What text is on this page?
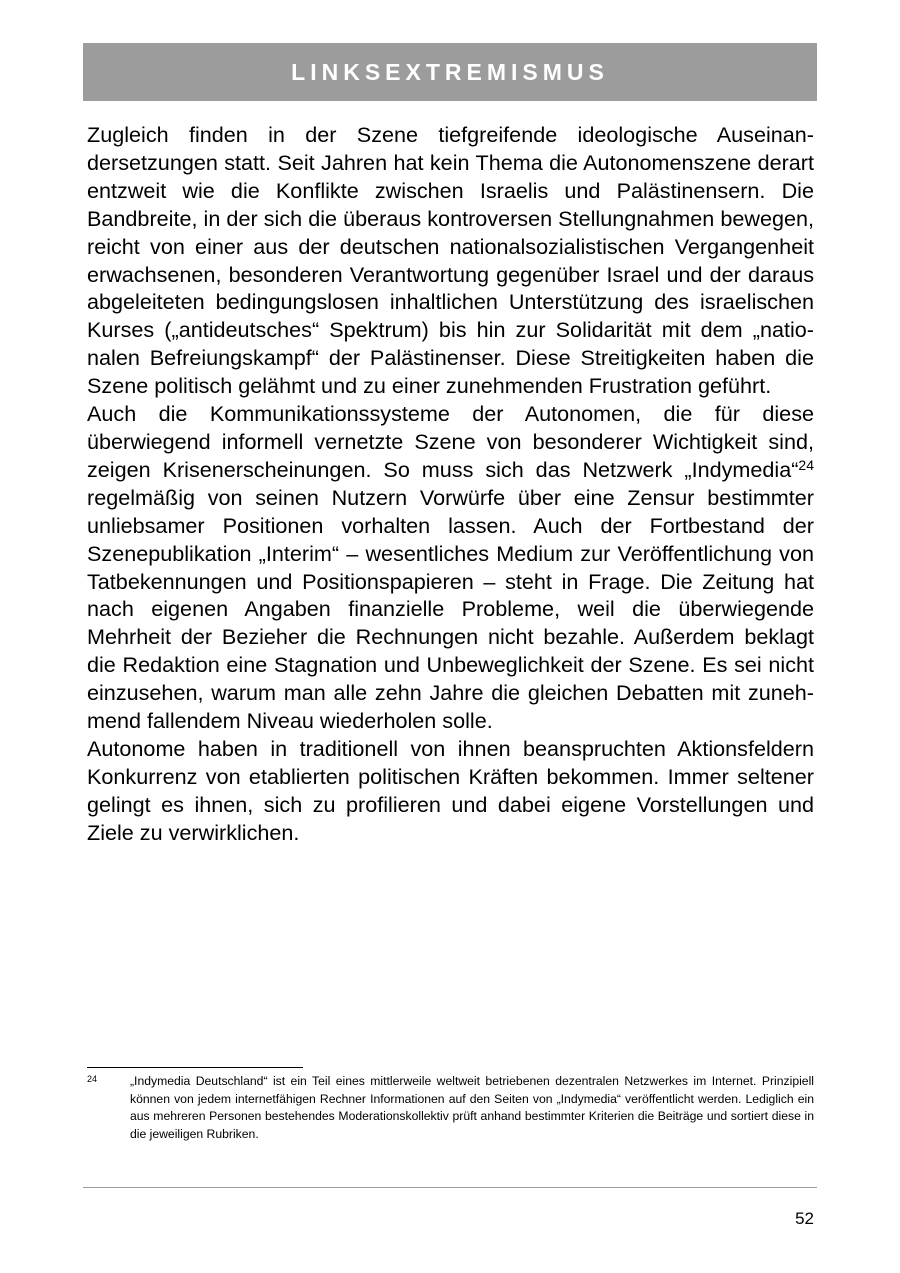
LINKSEXTREMISMUS

Zugleich finden in der Szene tiefgreifende ideologische Auseinandersetzungen statt. Seit Jahren hat kein Thema die Autonomenszene derart entzweit wie die Konflikte zwischen Israelis und Palästinensern. Die Bandbreite, in der sich die überaus kontroversen Stellungnahmen bewegen, reicht von einer aus der deutschen nationalsozialistischen Vergangenheit erwachsenen, besonderen Verantwortung gegenüber Israel und der daraus abgeleiteten bedingungslosen inhaltlichen Unterstützung des israelischen Kurses („antideutsches“ Spektrum) bis hin zur Solidarität mit dem „nationalen Befreiungskampf“ der Palästinenser. Diese Streitigkeiten haben die Szene politisch gelähmt und zu einer zunehmenden Frustration geführt.

Auch die Kommunikationssysteme der Autonomen, die für diese überwiegend informell vernetzte Szene von besonderer Wichtigkeit sind, zeigen Krisenerscheinungen. So muss sich das Netzwerk „Indymedia“$^{24}$ regelmäßig von seinen Nutzern Vorwürfe über eine Zensur bestimmter unliebsamer Positionen vorhalten lassen. Auch der Fortbestand der Szenepublikation „Interim“ – wesentliches Medium zur Veröffentlichung von Tatbekennungen und Positionspapieren – steht in Frage. Die Zeitung hat nach eigenen Angaben finanzielle Probleme, weil die überwiegende Mehrheit der Bezieher die Rechnungen nicht bezahle. Außerdem beklagt die Redaktion eine Stagnation und Unbeweglichkeit der Szene. Es sei nicht einzusehen, warum man alle zehn Jahre die gleichen Debatten mit zunehmend fallendem Niveau wiederholen solle.

Autonome haben in traditionell von ihnen beanspruchten Aktionsfeldern Konkurrenz von etablierten politischen Kräften bekommen. Immer seltener gelingt es ihnen, sich zu profilieren und dabei eigene Vorstellungen und Ziele zu verwirklichen.

24	„Indymedia Deutschland“ ist ein Teil eines mittlerweile weltweit betriebenen dezentralen Netzwerkes im Internet. Prinzipiell können von jedem internetfähigen Rechner Informationen auf den Seiten von „Indymedia“ veröffentlicht werden. Lediglich ein aus mehreren Personen bestehendes Moderationskollektiv prüft anhand bestimmter Kriterien die Beiträge und sortiert diese in die jeweiligen Rubriken.
52
